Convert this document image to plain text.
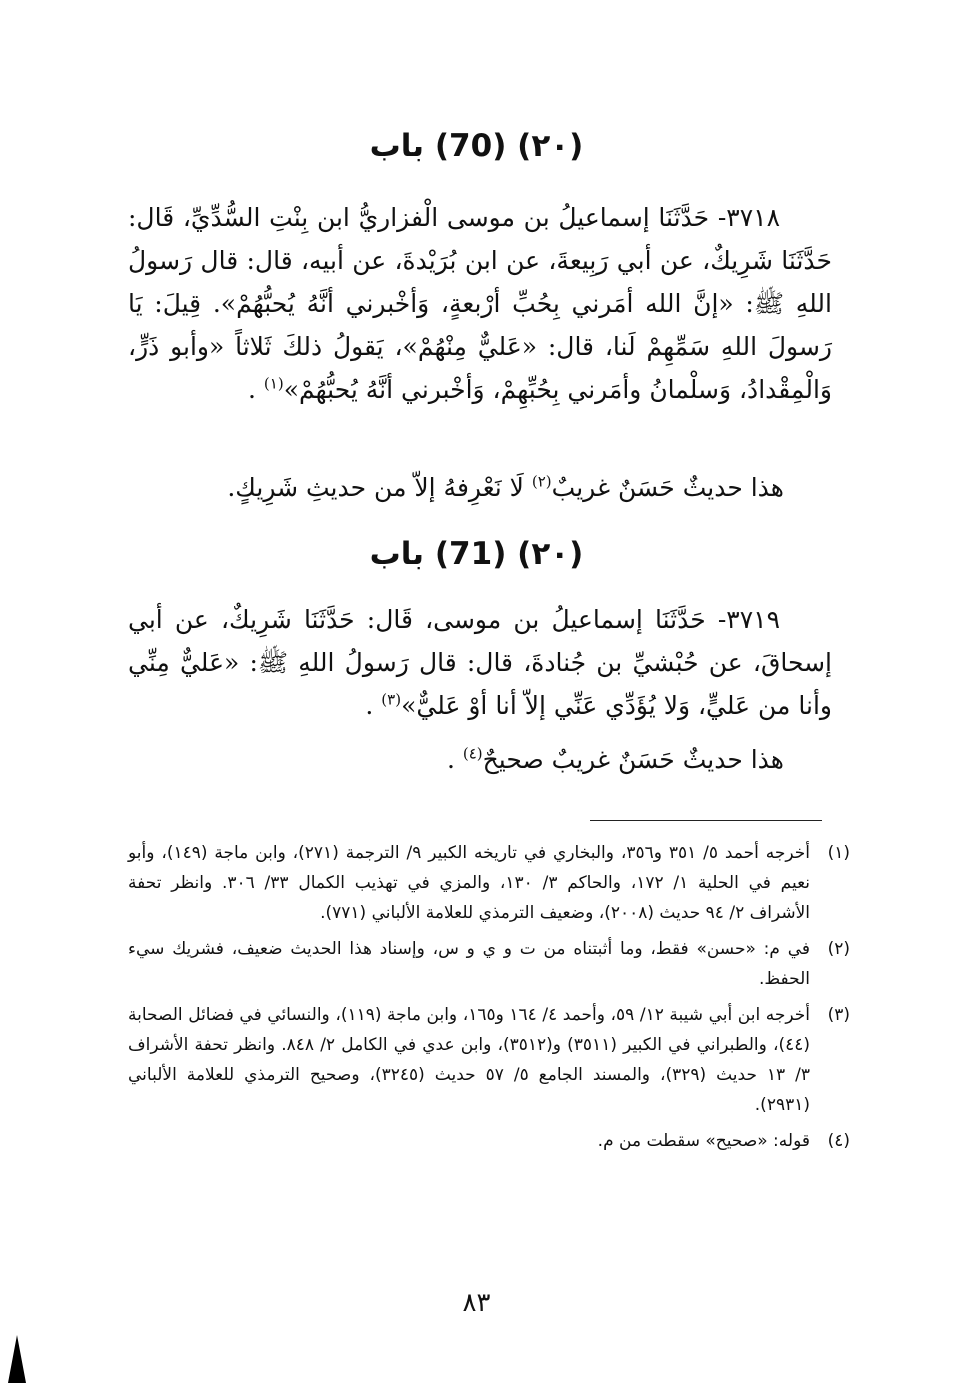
(٢٠) (70) باب
٣٧١٨- حَدَّثَنَا إسماعيلُ بن موسى الْفزاريُّ ابن بِنْتِ السُّدِّيِّ، قَال: حَدَّثَنَا شَرِيكٌ، عن أبي رَبِيعةَ، عن ابن بُرَيْدةَ، عن أبيه، قال: قال رَسولُ اللهِ ﷺ: «إنَّ الله أمَرني بِحُبِّ أرْبعةٍ، وَأخْبرني أنَّهُ يُحبُّهُمْ». قِيلَ: يَا رَسولَ اللهِ سَمِّهِمْ لَنا، قال: «عَليٌّ مِنْهُمْ»، يَقولُ ذلكَ ثَلاثاً «وأبو ذَرٍّ، وَالْمِقْدادُ، وَسلْمانُ وأمَرني بِحُبِّهِمْ، وَأخْبرني أنَّهُ يُحبُّهُمْ»$^{(١)}$ .
هذا حديثٌ حَسَنٌ غريبٌ$^{(٢)}$ لَا نَعْرِفهُ إلاّ من حديثِ شَرِيكٍ.
(٢٠) (71) باب
٣٧١٩- حَدَّثَنَا إسماعيلُ بن موسى، قَال: حَدَّثَنَا شَرِيكٌ، عن أبي إسحاقَ، عن حُبْشيِّ بن جُنادةَ، قال: قال رَسولُ اللهِ ﷺ: «عَليٌّ مِنِّي وأنا من عَليٍّ، وَلا يُؤَدِّي عَنِّي إلاّ أنا أوْ عَليٌّ»$^{(٣)}$ .
هذا حديثٌ حَسَنٌ غريبٌ صحيحٌ$^{(٤)}$ .
(١)
أخرجه أحمد ٥/ ٣٥١ و٣٥٦، والبخاري في تاريخه الكبير ٩/ الترجمة (٢٧١)، وابن ماجة (١٤٩)، وأبو نعيم في الحلية ١/ ١٧٢، والحاكم ٣/ ١٣٠، والمزي في تهذيب الكمال ٣٣/ ٣٠٦. وانظر تحفة الأشراف ٢/ ٩٤ حديث (٢٠٠٨)، وضعيف الترمذي للعلامة الألباني (٧٧١).
(٢)
في م: «حسن» فقط، وما أثبتناه من ت و ي و س، وإسناد هذا الحديث ضعيف، فشريك سيء الحفظ.
(٣)
أخرجه ابن أبي شيبة ١٢/ ٥٩، وأحمد ٤/ ١٦٤ و١٦٥، وابن ماجة (١١٩)، والنسائي في فضائل الصحابة (٤٤)، والطبراني في الكبير (٣٥١١) و(٣٥١٢)، وابن عدي في الكامل ٢/ ٨٤٨. وانظر تحفة الأشراف ٣/ ١٣ حديث (٣٢٩)، والمسند الجامع ٥/ ٥٧ حديث (٣٢٤٥)، وصحيح الترمذي للعلامة الألباني (٢٩٣١).
(٤)
قوله: «صحيح» سقطت من م.
٨٣
